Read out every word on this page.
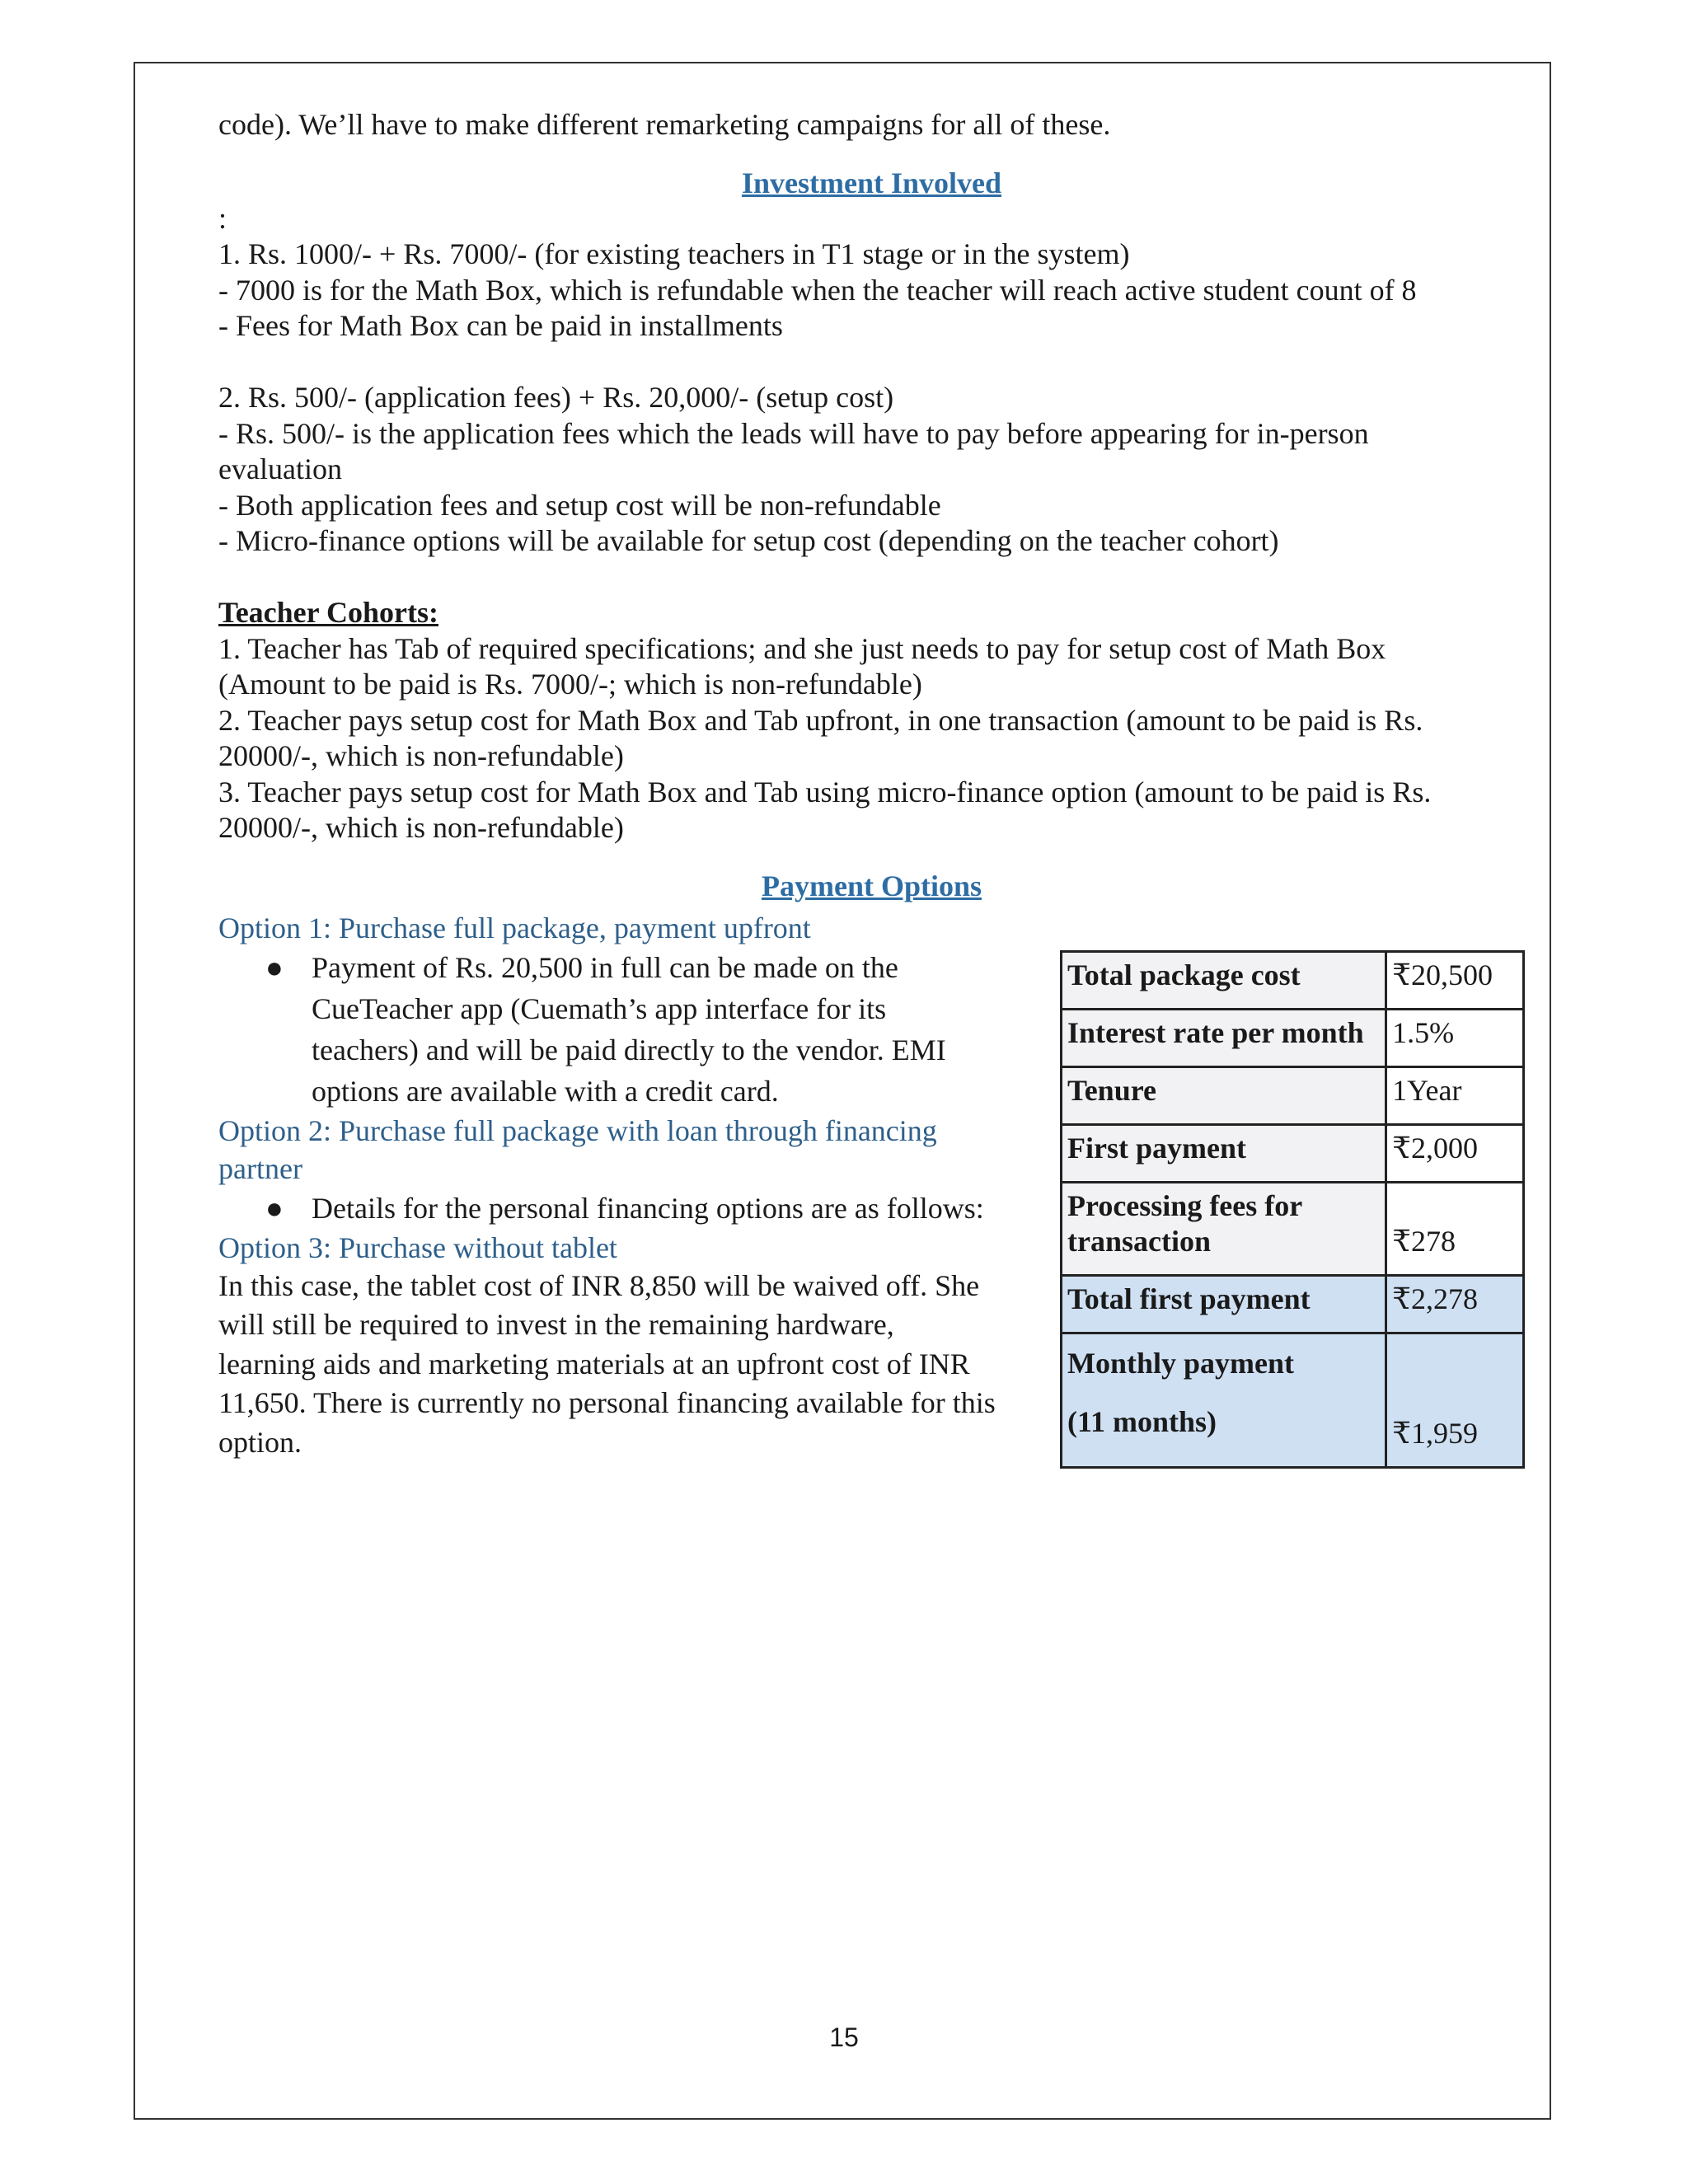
code). We’ll have to make different remarketing campaigns for all of these.
Investment Involved
:
1. Rs. 1000/- + Rs. 7000/- (for existing teachers in T1 stage or in the system)
- 7000 is for the Math Box, which is refundable when the teacher will reach active student count of 8
- Fees for Math Box can be paid in installments
2. Rs. 500/- (application fees) + Rs. 20,000/- (setup cost)
- Rs. 500/- is the application fees which the leads will have to pay before appearing for in-person
evaluation
- Both application fees and setup cost will be non-refundable
- Micro-finance options will be available for setup cost (depending on the teacher cohort)
Teacher Cohorts:
1. Teacher has Tab of required specifications; and she just needs to pay for setup cost of Math Box
(Amount to be paid is Rs. 7000/-; which is non-refundable)
2. Teacher pays setup cost for Math Box and Tab upfront, in one transaction (amount to be paid is Rs.
20000/-, which is non-refundable)
3. Teacher pays setup cost for Math Box and Tab using micro-finance option (amount to be paid is Rs.
20000/-, which is non-refundable)
Payment Options
Option 1: Purchase full package, payment upfront
● Payment of Rs. 20,500 in full can be made on the
CueTeacher app (Cuemath’s app interface for its
teachers) and will be paid directly to the vendor. EMI
options are available with a credit card.
Option 2: Purchase full package with loan through financing
partner
● Details for the personal financing options are as follows:
Option 3: Purchase without tablet
In this case, the tablet cost of INR 8,850 will be waived off. She
will still be required to invest in the remaining hardware,
learning aids and marketing materials at an upfront cost of INR
11,650. There is currently no personal financing available for this
option.
Total package cost	₹20,500
Interest rate per month	1.5%
Tenure	1Year
First payment	₹2,000

Processing fees for
transaction	₹278
Total first payment	₹2,278

Monthly payment
(11 months)	₹1,959
15
